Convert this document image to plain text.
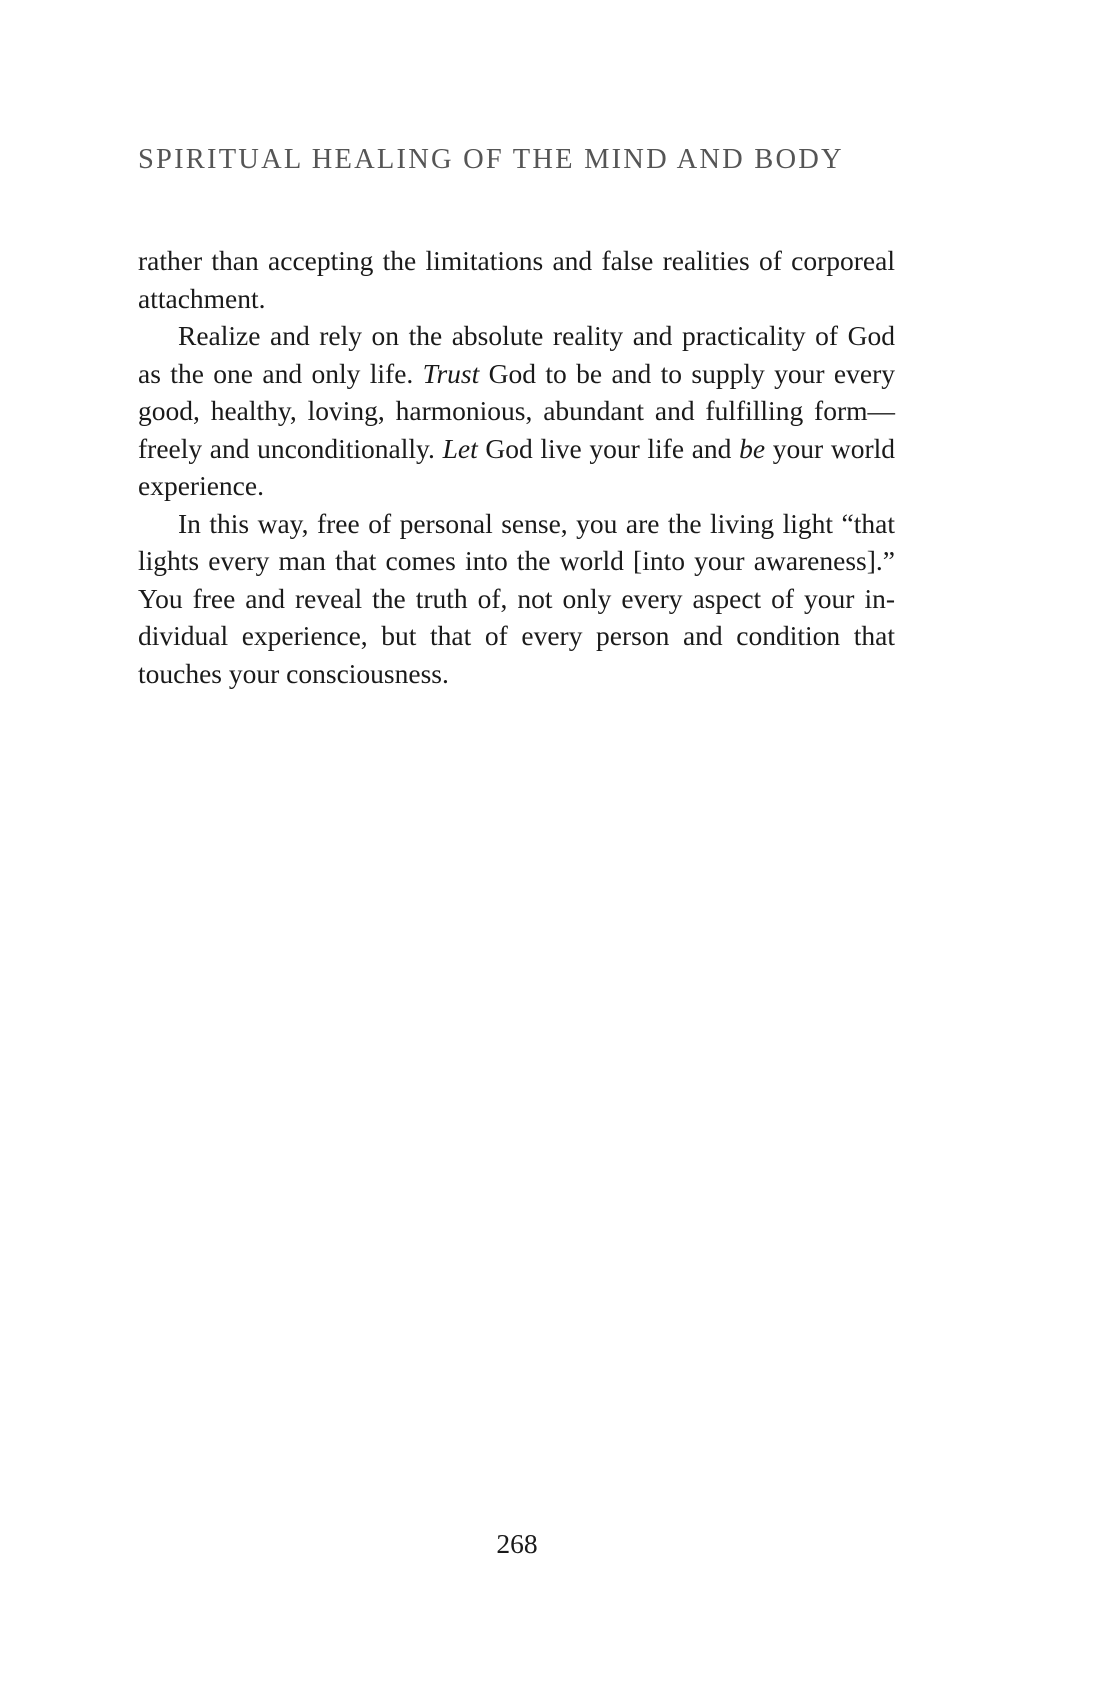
SPIRITUAL HEALING OF THE MIND AND BODY
rather than accepting the limitations and false realities of corporeal
attachment.
Realize and rely on the absolute reality and practicality of God
as the one and only life. Trust God to be and to supply your every
good, healthy, loving, harmonious, abundant and fulfilling form—
freely and unconditionally. Let God live your life and be your world
experience.
In this way, free of personal sense, you are the living light “that
lights every man that comes into the world [into your awareness].”
You free and reveal the truth of, not only every aspect of your in-
dividual experience, but that of every person and condition that
touches your consciousness.
268
